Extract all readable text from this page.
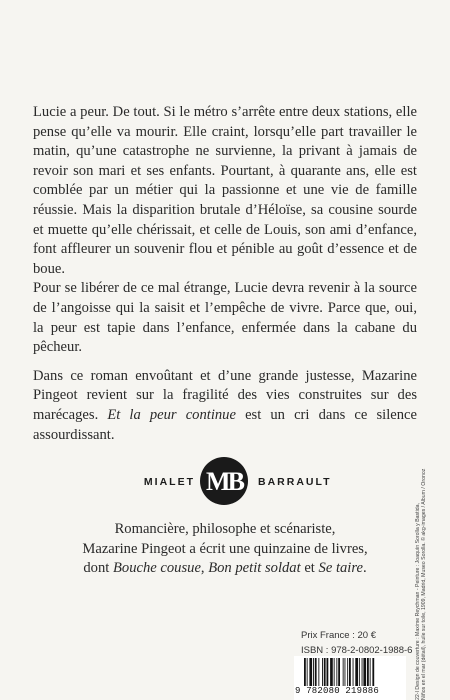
Lucie a peur. De tout. Si le métro s’arrête entre deux stations, elle pense qu’elle va mourir. Elle craint, lorsqu’elle part travailler le matin, qu’une catastrophe ne survienne, la privant à jamais de revoir son mari et ses enfants. Pourtant, à quarante ans, elle est comblée par un métier qui la passionne et une vie de famille réussie. Mais la disparition brutale d’Héloïse, sa cousine sourde et muette qu’elle chérissait, et celle de Louis, son ami d’enfance, font affleurer un souvenir flou et pénible au goût d’essence et de boue.

Pour se libérer de ce mal étrange, Lucie devra revenir à la source de l’angoisse qui la saisit et l’empêche de vivre. Parce que, oui, la peur est tapie dans l’enfance, enfermée dans la cabane du pêcheur.

Dans ce roman envoûtant et d’une grande justesse, Mazarine Pingeot revient sur la fragilité des vies construites sur des marécages. Et la peur continue est un cri dans ce silence assourdissant.

MIALET MB BARRAULT

Romancière, philosophe et scénariste,
Mazarine Pingeot a écrit une quinzaine de livres,
dont Bouche cousue, Bon petit soldat et Se taire.	22-I Design de couverture : Maxime Reychman - Peinture : Joaquín Sorolla y Bastida, Niños en el mar (détail), huile sur toile, 1909, Madrid, Museo Sorolla. © akg-images / Album / Oronoz
Prix France : 20 €
ISBN : 978-2-0802-1988-6
9 782080 219886
